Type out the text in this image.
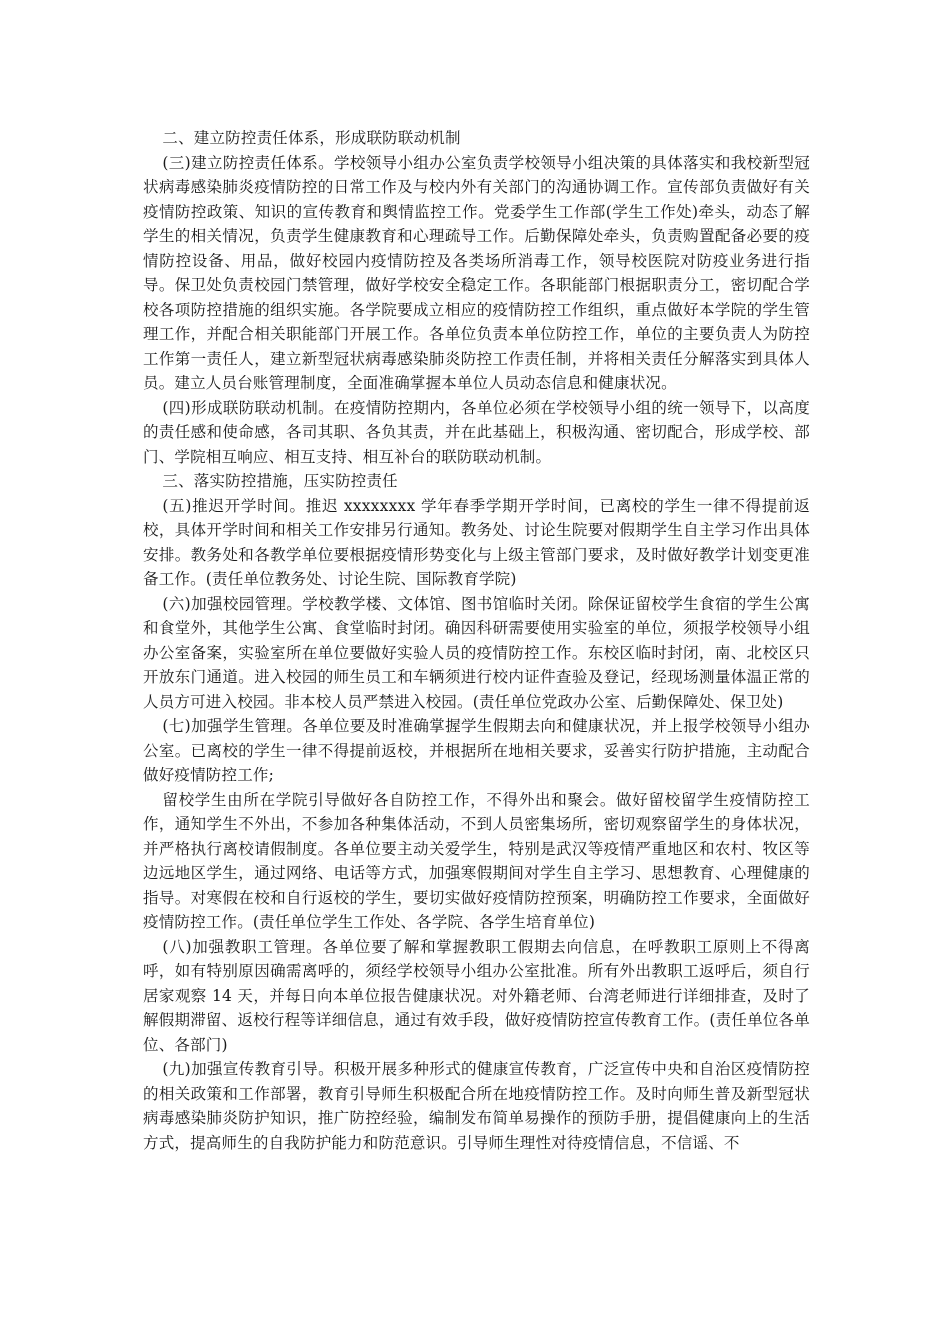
二、建立防控责任体系，形成联防联动机制

(三)建立防控责任体系。学校领导小组办公室负责学校领导小组决策的具体落实和我校新型冠状病毒感染肺炎疫情防控的日常工作及与校内外有关部门的沟通协调工作。宣传部负责做好有关疫情防控政策、知识的宣传教育和舆情监控工作。党委学生工作部(学生工作处)牵头，动态了解学生的相关情况，负责学生健康教育和心理疏导工作。后勤保障处牵头，负责购置配备必要的疫情防控设备、用品，做好校园内疫情防控及各类场所消毒工作，领导校医院对防疫业务进行指导。保卫处负责校园门禁管理，做好学校安全稳定工作。各职能部门根据职责分工，密切配合学校各项防控措施的组织实施。各学院要成立相应的疫情防控工作组织，重点做好本学院的学生管理工作，并配合相关职能部门开展工作。各单位负责本单位防控工作，单位的主要负责人为防控工作第一责任人，建立新型冠状病毒感染肺炎防控工作责任制，并将相关责任分解落实到具体人员。建立人员台账管理制度，全面准确掌握本单位人员动态信息和健康状况。

(四)形成联防联动机制。在疫情防控期内，各单位必须在学校领导小组的统一领导下，以高度的责任感和使命感，各司其职、各负其责，并在此基础上，积极沟通、密切配合，形成学校、部门、学院相互响应、相互支持、相互补台的联防联动机制。

三、落实防控措施，压实防控责任

(五)推迟开学时间。推迟 xxxxxxxx 学年春季学期开学时间，已离校的学生一律不得提前返校，具体开学时间和相关工作安排另行通知。教务处、讨论生院要对假期学生自主学习作出具体安排。教务处和各教学单位要根据疫情形势变化与上级主管部门要求，及时做好教学计划变更准备工作。(责任单位教务处、讨论生院、国际教育学院)

(六)加强校园管理。学校教学楼、文体馆、图书馆临时关闭。除保证留校学生食宿的学生公寓和食堂外，其他学生公寓、食堂临时封闭。确因科研需要使用实验室的单位，须报学校领导小组办公室备案，实验室所在单位要做好实验人员的疫情防控工作。东校区临时封闭，南、北校区只开放东门通道。进入校园的师生员工和车辆须进行校内证件查验及登记，经现场测量体温正常的人员方可进入校园。非本校人员严禁进入校园。(责任单位党政办公室、后勤保障处、保卫处)

(七)加强学生管理。各单位要及时准确掌握学生假期去向和健康状况，并上报学校领导小组办公室。已离校的学生一律不得提前返校，并根据所在地相关要求，妥善实行防护措施，主动配合做好疫情防控工作;

留校学生由所在学院引导做好各自防控工作，不得外出和聚会。做好留校留学生疫情防控工作，通知学生不外出，不参加各种集体活动，不到人员密集场所，密切观察留学生的身体状况，并严格执行离校请假制度。各单位要主动关爱学生，特别是武汉等疫情严重地区和农村、牧区等边远地区学生，通过网络、电话等方式，加强寒假期间对学生自主学习、思想教育、心理健康的指导。对寒假在校和自行返校的学生，要切实做好疫情防控预案，明确防控工作要求，全面做好疫情防控工作。(责任单位学生工作处、各学院、各学生培育单位)

(八)加强教职工管理。各单位要了解和掌握教职工假期去向信息，在呼教职工原则上不得离呼，如有特别原因确需离呼的，须经学校领导小组办公室批准。所有外出教职工返呼后，须自行居家观察 14 天，并每日向本单位报告健康状况。对外籍老师、台湾老师进行详细排查，及时了解假期滞留、返校行程等详细信息，通过有效手段，做好疫情防控宣传教育工作。(责任单位各单位、各部门)

(九)加强宣传教育引导。积极开展多种形式的健康宣传教育，广泛宣传中央和自治区疫情防控的相关政策和工作部署，教育引导师生积极配合所在地疫情防控工作。及时向师生普及新型冠状病毒感染肺炎防护知识，推广防控经验，编制发布简单易操作的预防手册，提倡健康向上的生活方式，提高师生的自我防护能力和防范意识。引导师生理性对待疫情信息，不信谣、不
